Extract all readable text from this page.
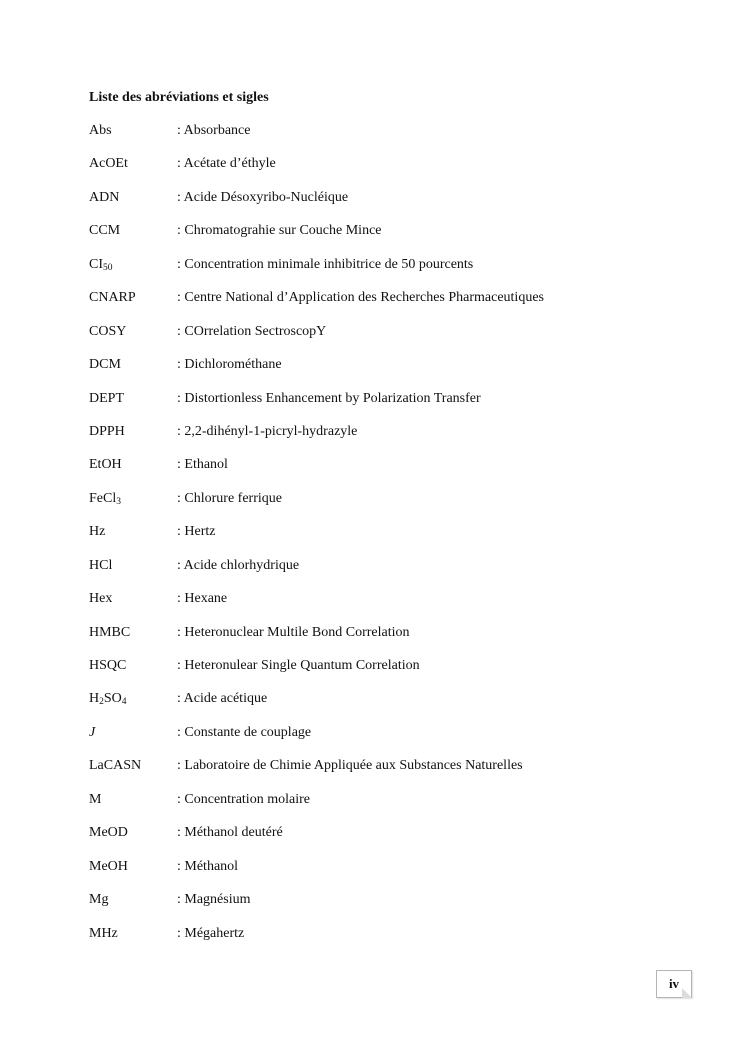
Liste des abréviations et sigles
Abs	: Absorbance
AcOEt	: Acétate d’éthyle
ADN	: Acide Désoxyribo-Nucléique
CCM	: Chromatograhie sur Couche Mince
$CI_{50}$	: Concentration minimale inhibitrice de 50 pourcents
CNARP	: Centre National d’Application des Recherches Pharmaceutiques
COSY	: COrrelation SectroscopY
DCM	: Dichlorométhane
DEPT	: Distortionless Enhancement by Polarization Transfer
DPPH	: 2,2-dihényl-1-picryl-hydrazyle
EtOH	: Ethanol
FeCl$_3$	: Chlorure ferrique
Hz	: Hertz
HCl	: Acide chlorhydrique
Hex	: Hexane
HMBC	: Heteronuclear Multile Bond Correlation
HSQC	: Heteronulear Single Quantum Correlation
$H_2SO_4$	: Acide acétique
J	: Constante de couplage
LaCASN	: Laboratoire de Chimie Appliquée aux Substances Naturelles
M	: Concentration molaire
MeOD	: Méthanol deutéré
MeOH	: Méthanol
Mg	: Magnésium
MHz	: Mégahertz
iv
